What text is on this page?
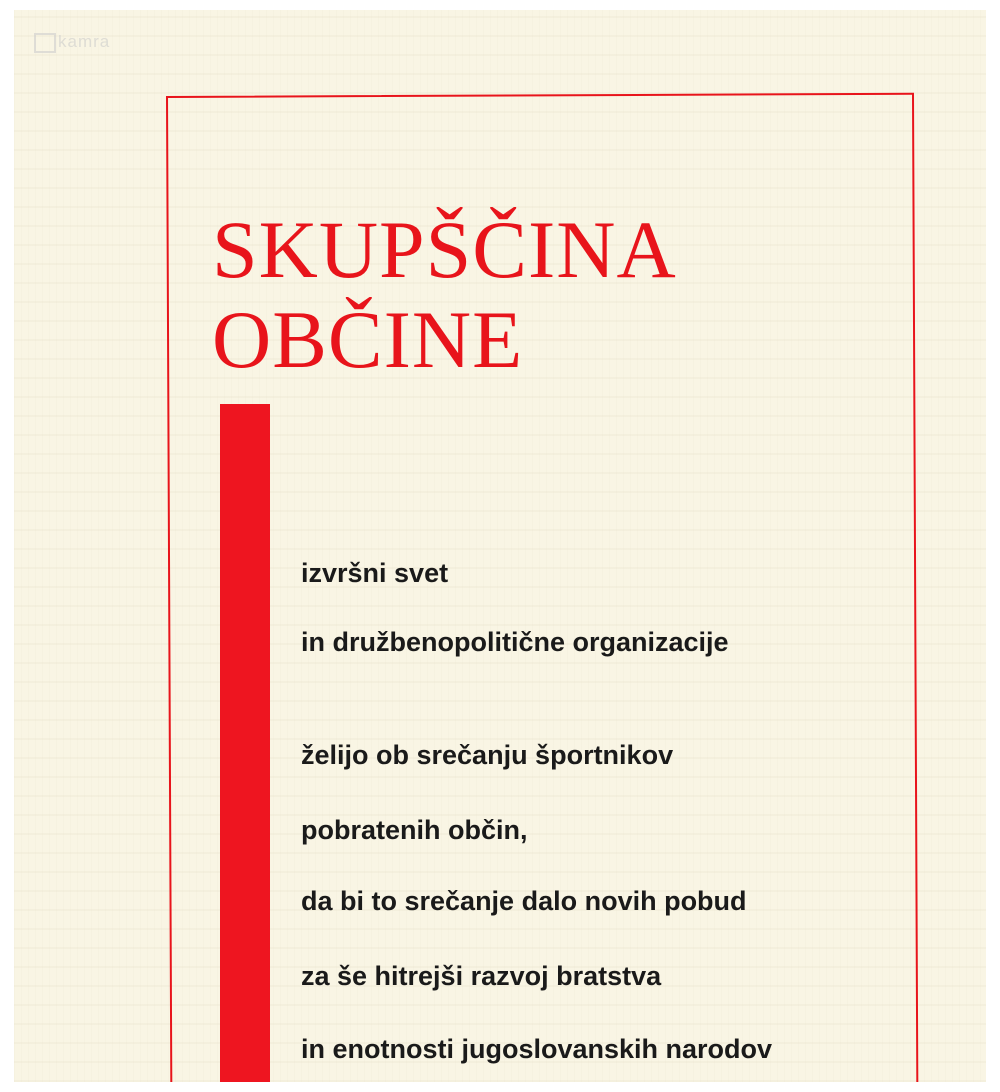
kamra
SKUPŠČINA
OBČINE
izvršni svet
in družbenopolitične organizacije
želijo ob srečanju športnikov
pobratenih občin,
da bi to srečanje dalo novih pobud
za še hitrejši razvoj bratstva
in enotnosti jugoslovanskih narodov
